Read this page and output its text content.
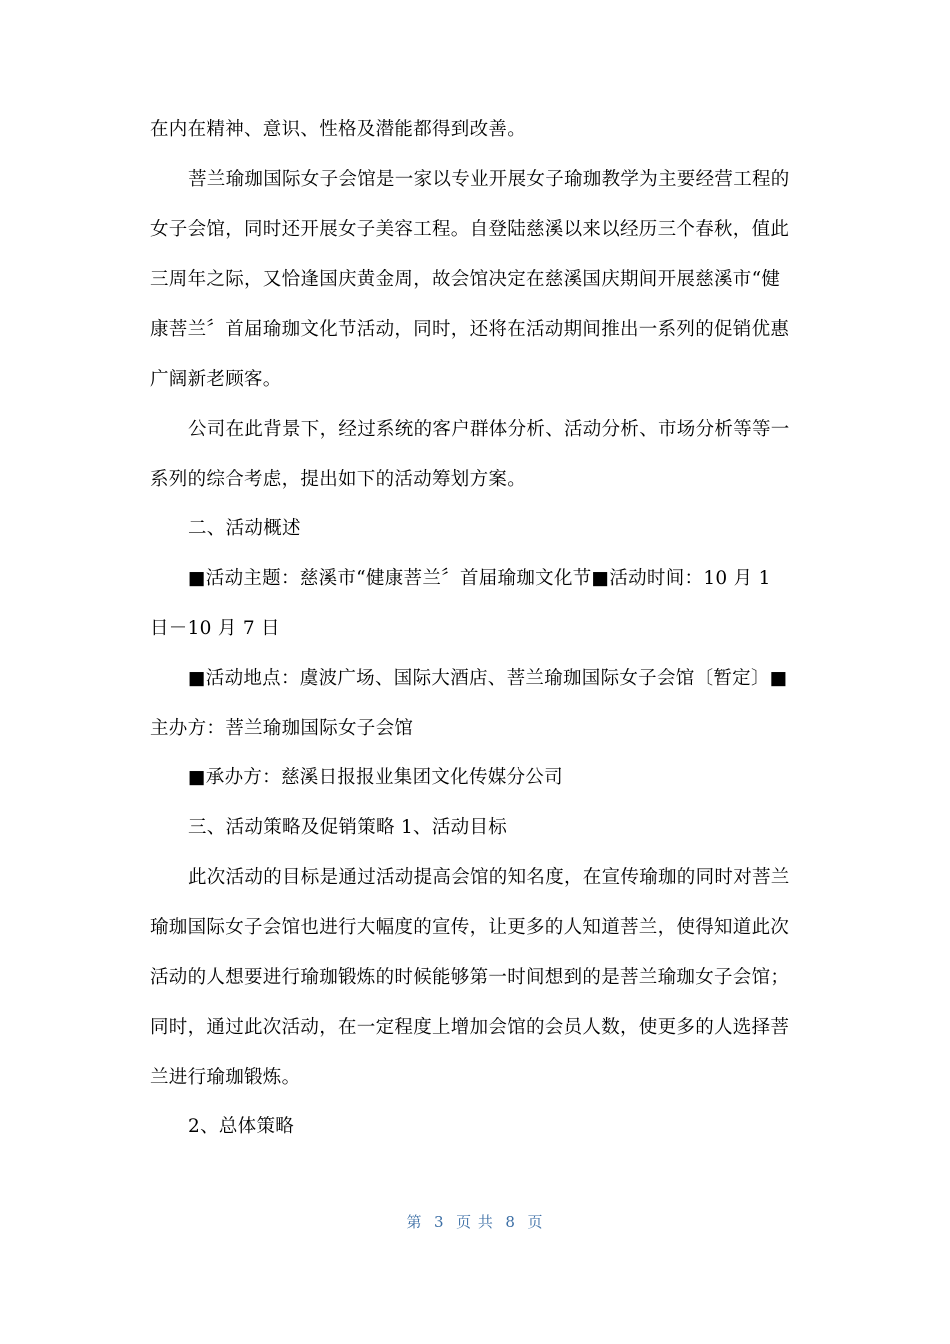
在内在精神、意识、性格及潜能都得到改善。
菩兰瑜珈国际女子会馆是一家以专业开展女子瑜珈教学为主要经营工程的
女子会馆，同时还开展女子美容工程。自登陆慈溪以来以经历三个春秋，值此
三周年之际，又恰逢国庆黄金周，故会馆决定在慈溪国庆期间开展慈溪市“健
康菩兰〞首届瑜珈文化节活动，同时，还将在活动期间推出一系列的促销优惠
广阔新老顾客。
公司在此背景下，经过系统的客户群体分析、活动分析、市场分析等等一
系列的综合考虑，提出如下的活动筹划方案。
二、活动概述
■活动主题：慈溪市“健康菩兰〞首届瑜珈文化节■活动时间：10 月 1
日－10 月 7 日
■活动地点：虞波广场、国际大酒店、菩兰瑜珈国际女子会馆〔暂定〕■
主办方：菩兰瑜珈国际女子会馆
■承办方：慈溪日报报业集团文化传媒分公司
三、活动策略及促销策略 1、活动目标
此次活动的目标是通过活动提高会馆的知名度，在宣传瑜珈的同时对菩兰
瑜珈国际女子会馆也进行大幅度的宣传，让更多的人知道菩兰，使得知道此次
活动的人想要进行瑜珈锻炼的时候能够第一时间想到的是菩兰瑜珈女子会馆；
同时，通过此次活动，在一定程度上增加会馆的会员人数，使更多的人选择菩
兰进行瑜珈锻炼。
2、总体策略
第  3  页 共  8  页
